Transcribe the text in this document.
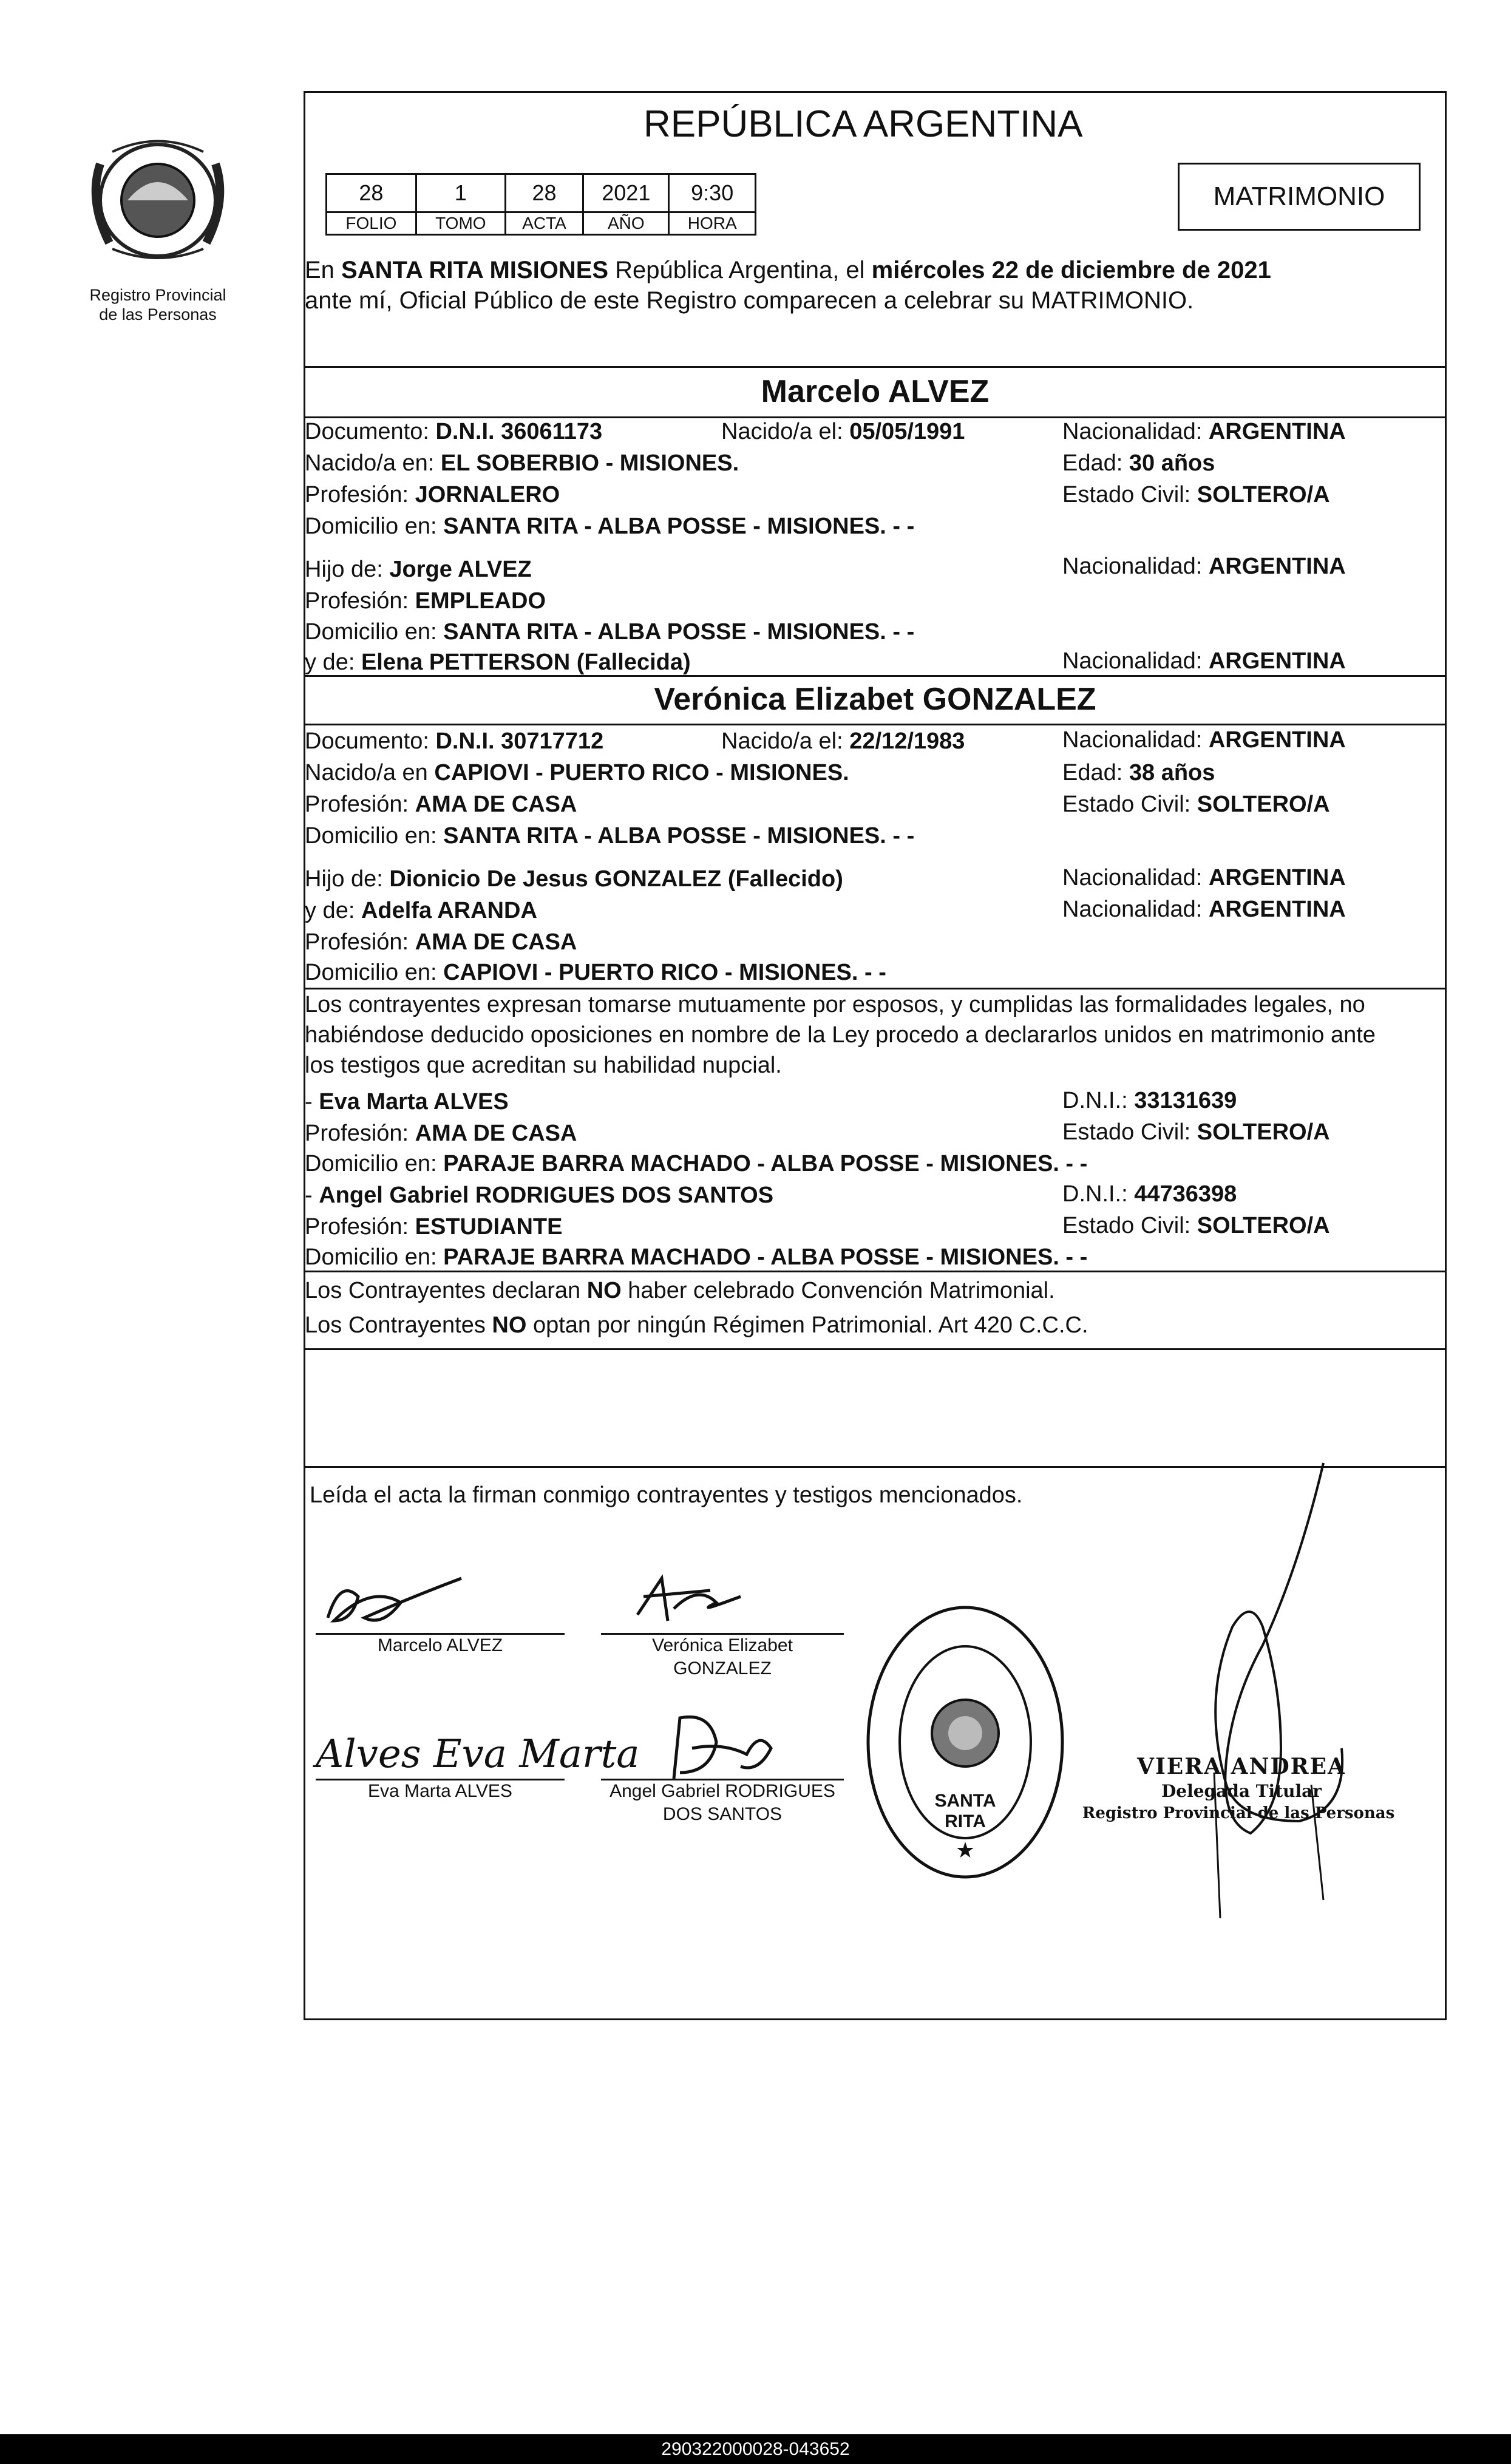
Registro Provincial
de las Personas
REPÚBLICA ARGENTINA
28	1	28	2021	9:30
FOLIO	TOMO	ACTA	AÑO	HORA
MATRIMONIO
En SANTA RITA MISIONES República Argentina, el miércoles 22 de diciembre de 2021
ante mí, Oficial Público de este Registro comparecen a celebrar su MATRIMONIO.
Marcelo ALVEZ
Documento: D.N.I. 36061173	Nacido/a el: 05/05/1991	Nacionalidad: ARGENTINA
Nacido/a en: EL SOBERBIO - MISIONES.	Edad: 30 años
Profesión: JORNALERO	Estado Civil: SOLTERO/A
Domicilio en: SANTA RITA - ALBA POSSE - MISIONES. - -
Hijo de: Jorge ALVEZ	Nacionalidad: ARGENTINA
Profesión: EMPLEADO
Domicilio en: SANTA RITA - ALBA POSSE - MISIONES. - -
y de: Elena PETTERSON (Fallecida)	Nacionalidad: ARGENTINA
Verónica Elizabet GONZALEZ
Documento: D.N.I. 30717712	Nacido/a el: 22/12/1983	Nacionalidad: ARGENTINA
Nacido/a en CAPIOVI - PUERTO RICO - MISIONES.	Edad: 38 años
Profesión: AMA DE CASA	Estado Civil: SOLTERO/A
Domicilio en: SANTA RITA - ALBA POSSE - MISIONES. - -
Hijo de: Dionicio De Jesus GONZALEZ (Fallecido)	Nacionalidad: ARGENTINA
y de: Adelfa ARANDA	Nacionalidad: ARGENTINA
Profesión: AMA DE CASA
Domicilio en: CAPIOVI - PUERTO RICO - MISIONES. - -
Los contrayentes expresan tomarse mutuamente por esposos, y cumplidas las formalidades legales, no
habiéndose deducido oposiciones en nombre de la Ley procedo a declararlos unidos en matrimonio ante
los testigos que acreditan su habilidad nupcial.
- Eva Marta ALVES	D.N.I.: 33131639
Profesión: AMA DE CASA	Estado Civil: SOLTERO/A
Domicilio en: PARAJE BARRA MACHADO - ALBA POSSE - MISIONES. - -
- Angel Gabriel RODRIGUES DOS SANTOS	D.N.I.: 44736398
Profesión: ESTUDIANTE	Estado Civil: SOLTERO/A
Domicilio en: PARAJE BARRA MACHADO - ALBA POSSE - MISIONES. - -
Los Contrayentes declaran NO haber celebrado Convención Matrimonial.
Los Contrayentes NO optan por ningún Régimen Patrimonial. Art 420 C.C.C.
Leída el acta la firman conmigo contrayentes y testigos mencionados.
Marcelo ALVEZ	Verónica Elizabet
GONZALEZ
Alves Eva Marta
Eva Marta ALVES	Angel Gabriel RODRIGUES
DOS SANTOS
★
SANTA
RITA
VIERA ANDREA
Delegada Titular
Registro Provincial de las Personas
290322000028-043652
